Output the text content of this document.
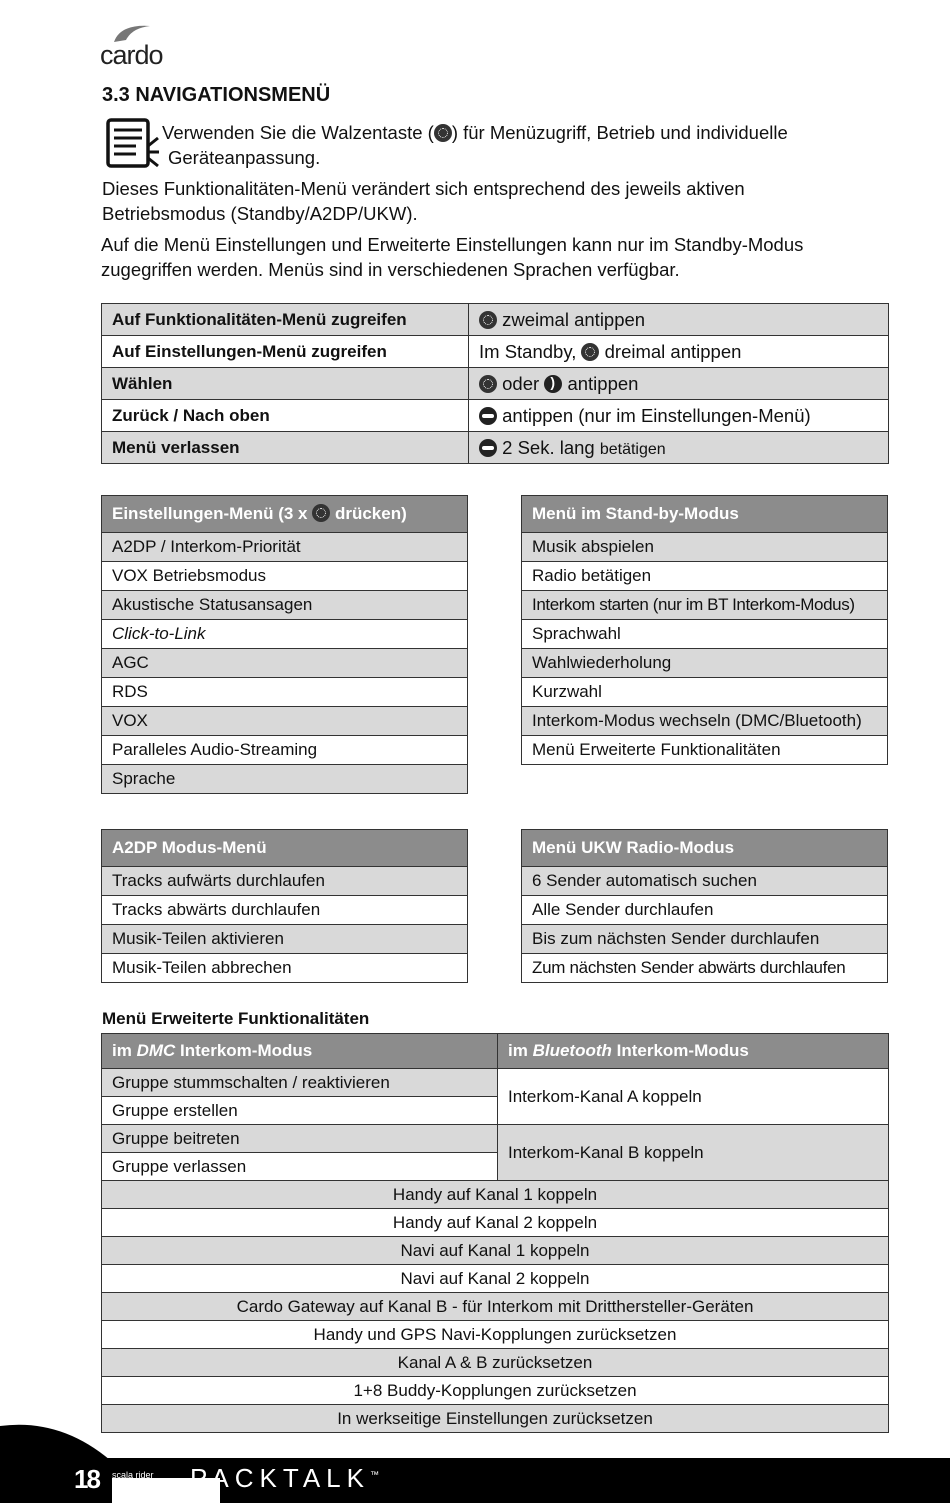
cardo
3.3 NAVIGATIONSMENÜ

Verwenden Sie die Walzentaste ( ) für Menüzugriff, Betrieb und individuelle
Geräteanpassung.

Dieses Funktionalitäten-Menü verändert sich entsprechend des jeweils aktiven Betriebsmodus (Standby/A2DP/UKW).

Auf die Menü Einstellungen und Erweiterte Einstellungen kann nur im Standby-Modus zugegriffen werden. Menüs sind in verschiedenen Sprachen verfügbar.

Auf Funktionalitäten-Menü zugreifen	zweimal antippen
Auf Einstellungen-Menü zugreifen	Im Standby,  dreimal antippen
Wählen	oder ) antippen
Zurück / Nach oben	antippen (nur im Einstellungen-Menü)
Menü verlassen	2 Sek. lang betätigen
Einstellungen-Menü (3 x  drücken)
A2DP / Interkom-Priorität
VOX Betriebsmodus
Akustische Statusansagen
Click-to-Link
AGC
RDS
VOX
Paralleles Audio-Streaming
Sprache
Menü im Stand-by-Modus
Musik abspielen
Radio betätigen
Interkom starten (nur im BT Interkom-Modus)
Sprachwahl
Wahlwiederholung
Kurzwahl
Interkom-Modus wechseln (DMC/Bluetooth)
Menü Erweiterte Funktionalitäten
A2DP Modus-Menü
Tracks aufwärts durchlaufen
Tracks abwärts durchlaufen
Musik-Teilen aktivieren
Musik-Teilen abbrechen
Menü UKW Radio-Modus
6 Sender automatisch suchen
Alle Sender durchlaufen
Bis zum nächsten Sender durchlaufen
Zum nächsten Sender abwärts durchlaufen

Menü Erweiterte Funktionalitäten

im DMC Interkom-Modus	im Bluetooth Interkom-Modus
Gruppe stummschalten / reaktivieren	Interkom-Kanal A koppeln
Gruppe erstellen	
Gruppe beitreten	Interkom-Kanal B koppeln
Gruppe verlassen	
Handy auf Kanal 1 koppeln	
Handy auf Kanal 2 koppeln	
Navi auf Kanal 1 koppeln	
Navi auf Kanal 2 koppeln	
Cardo Gateway auf Kanal B - für Interkom mit Dritthersteller-Geräten	
Handy und GPS Navi-Kopplungen zurücksetzen	
Kanal A & B zurücksetzen	
1+8 Buddy-Kopplungen zurücksetzen	
In werkseitige Einstellungen zurücksetzen	
18 scala rider PACKTALK™
